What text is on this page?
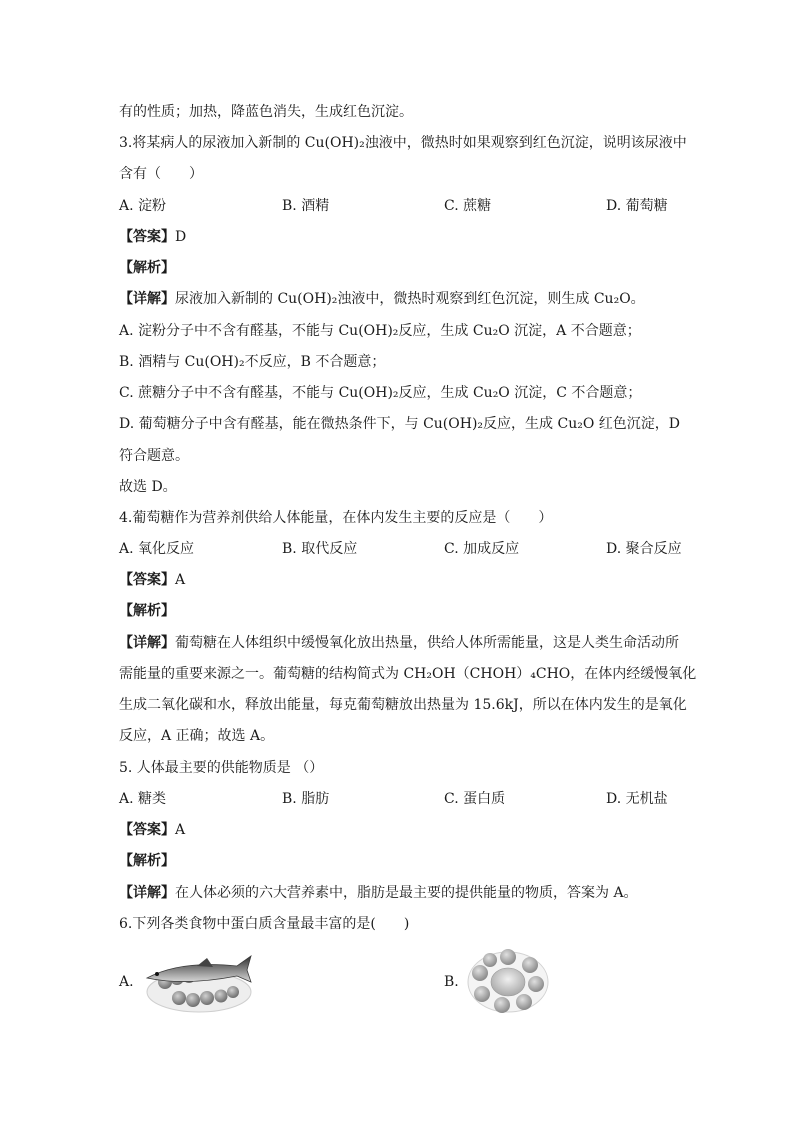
有的性质；加热，降蓝色消失，生成红色沉淀。
3.将某病人的尿液加入新制的 Cu(OH)₂浊液中，微热时如果观察到红色沉淀，说明该尿液中
含有（　　）
A. 淀粉	B. 酒精	C. 蔗糖	D. 葡萄糖
【答案】D
【解析】
【详解】尿液加入新制的 Cu(OH)₂浊液中，微热时观察到红色沉淀，则生成 Cu₂O。
A. 淀粉分子中不含有醛基，不能与 Cu(OH)₂反应，生成 Cu₂O 沉淀，A 不合题意；
B. 酒精与 Cu(OH)₂不反应，B 不合题意；
C. 蔗糖分子中不含有醛基，不能与 Cu(OH)₂反应，生成 Cu₂O 沉淀，C 不合题意；
D. 葡萄糖分子中含有醛基，能在微热条件下，与 Cu(OH)₂反应，生成 Cu₂O 红色沉淀，D
符合题意。
故选 D。
4.葡萄糖作为营养剂供给人体能量，在体内发生主要的反应是（　　）
A. 氧化反应	B. 取代反应	C. 加成反应	D. 聚合反应
【答案】A
【解析】
【详解】葡萄糖在人体组织中缓慢氧化放出热量，供给人体所需能量，这是人类生命活动所
需能量的重要来源之一。葡萄糖的结构简式为 CH₂OH（CHOH）₄CHO，在体内经缓慢氧化
生成二氧化碳和水，释放出能量，每克葡萄糖放出热量为 15.6kJ，所以在体内发生的是氧化
反应，A 正确；故选 A。
5. 人体最主要的供能物质是 （）
A. 糖类	B. 脂肪	C. 蛋白质	D. 无机盐
【答案】A
【解析】
【详解】在人体必须的六大营养素中，脂肪是最主要的提供能量的物质，答案为 A。
6.下列各类食物中蛋白质含量最丰富的是(　　)
A.	B.
